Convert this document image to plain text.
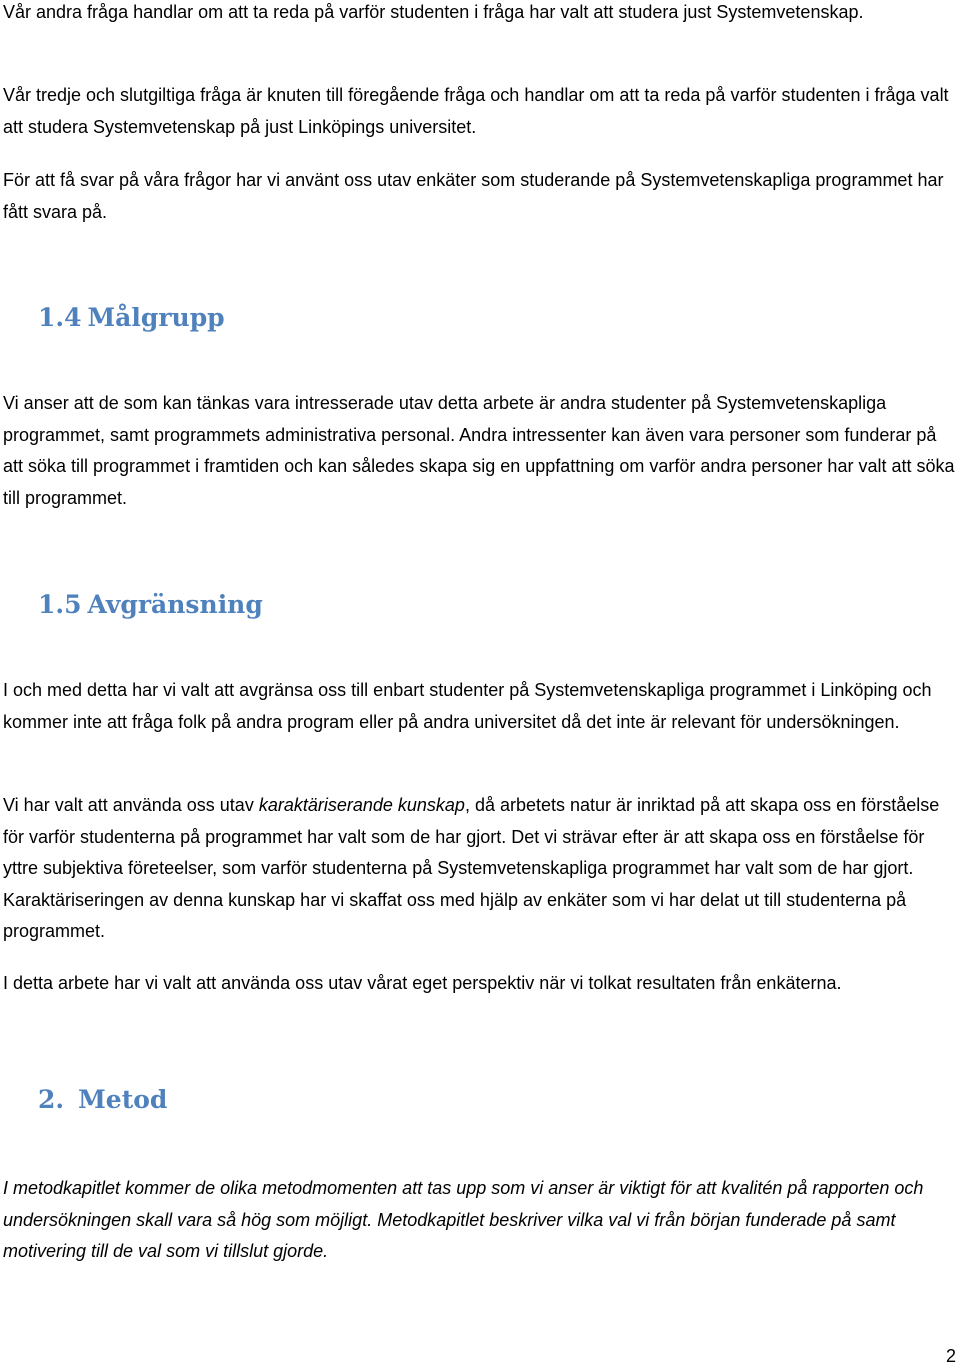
Vår andra fråga handlar om att ta reda på varför studenten i fråga har valt att studera just Systemvetenskap.

Vår tredje och slutgiltiga fråga är knuten till föregående fråga och handlar om att ta reda på varför studenten i fråga valt att studera Systemvetenskap på just Linköpings universitet.

För att få svar på våra frågor har vi använt oss utav enkäter som studerande på Systemvetenskapliga programmet har fått svara på.

1.4 Målgrupp

Vi anser att de som kan tänkas vara intresserade utav detta arbete är andra studenter på Systemvetenskapliga programmet, samt programmets administrativa personal. Andra intressenter kan även vara personer som funderar på att söka till programmet i framtiden och kan således skapa sig en uppfattning om varför andra personer har valt att söka till programmet.

1.5 Avgränsning

I och med detta har vi valt att avgränsa oss till enbart studenter på Systemvetenskapliga programmet i Linköping och kommer inte att fråga folk på andra program eller på andra universitet då det inte är relevant för undersökningen.

Vi har valt att använda oss utav karaktäriserande kunskap, då arbetets natur är inriktad på att skapa oss en förståelse för varför studenterna på programmet har valt som de har gjort. Det vi strävar efter är att skapa oss en förståelse för yttre subjektiva företeelser, som varför studenterna på Systemvetenskapliga programmet har valt som de har gjort. Karaktäriseringen av denna kunskap har vi skaffat oss med hjälp av enkäter som vi har delat ut till studenterna på programmet.

I detta arbete har vi valt att använda oss utav vårat eget perspektiv när vi tolkat resultaten från enkäterna.

2. Metod

I metodkapitlet kommer de olika metodmomenten att tas upp som vi anser är viktigt för att kvalitén på rapporten och undersökningen skall vara så hög som möjligt. Metodkapitlet beskriver vilka val vi från början funderade på samt motivering till de val som vi tillslut gjorde.

2
